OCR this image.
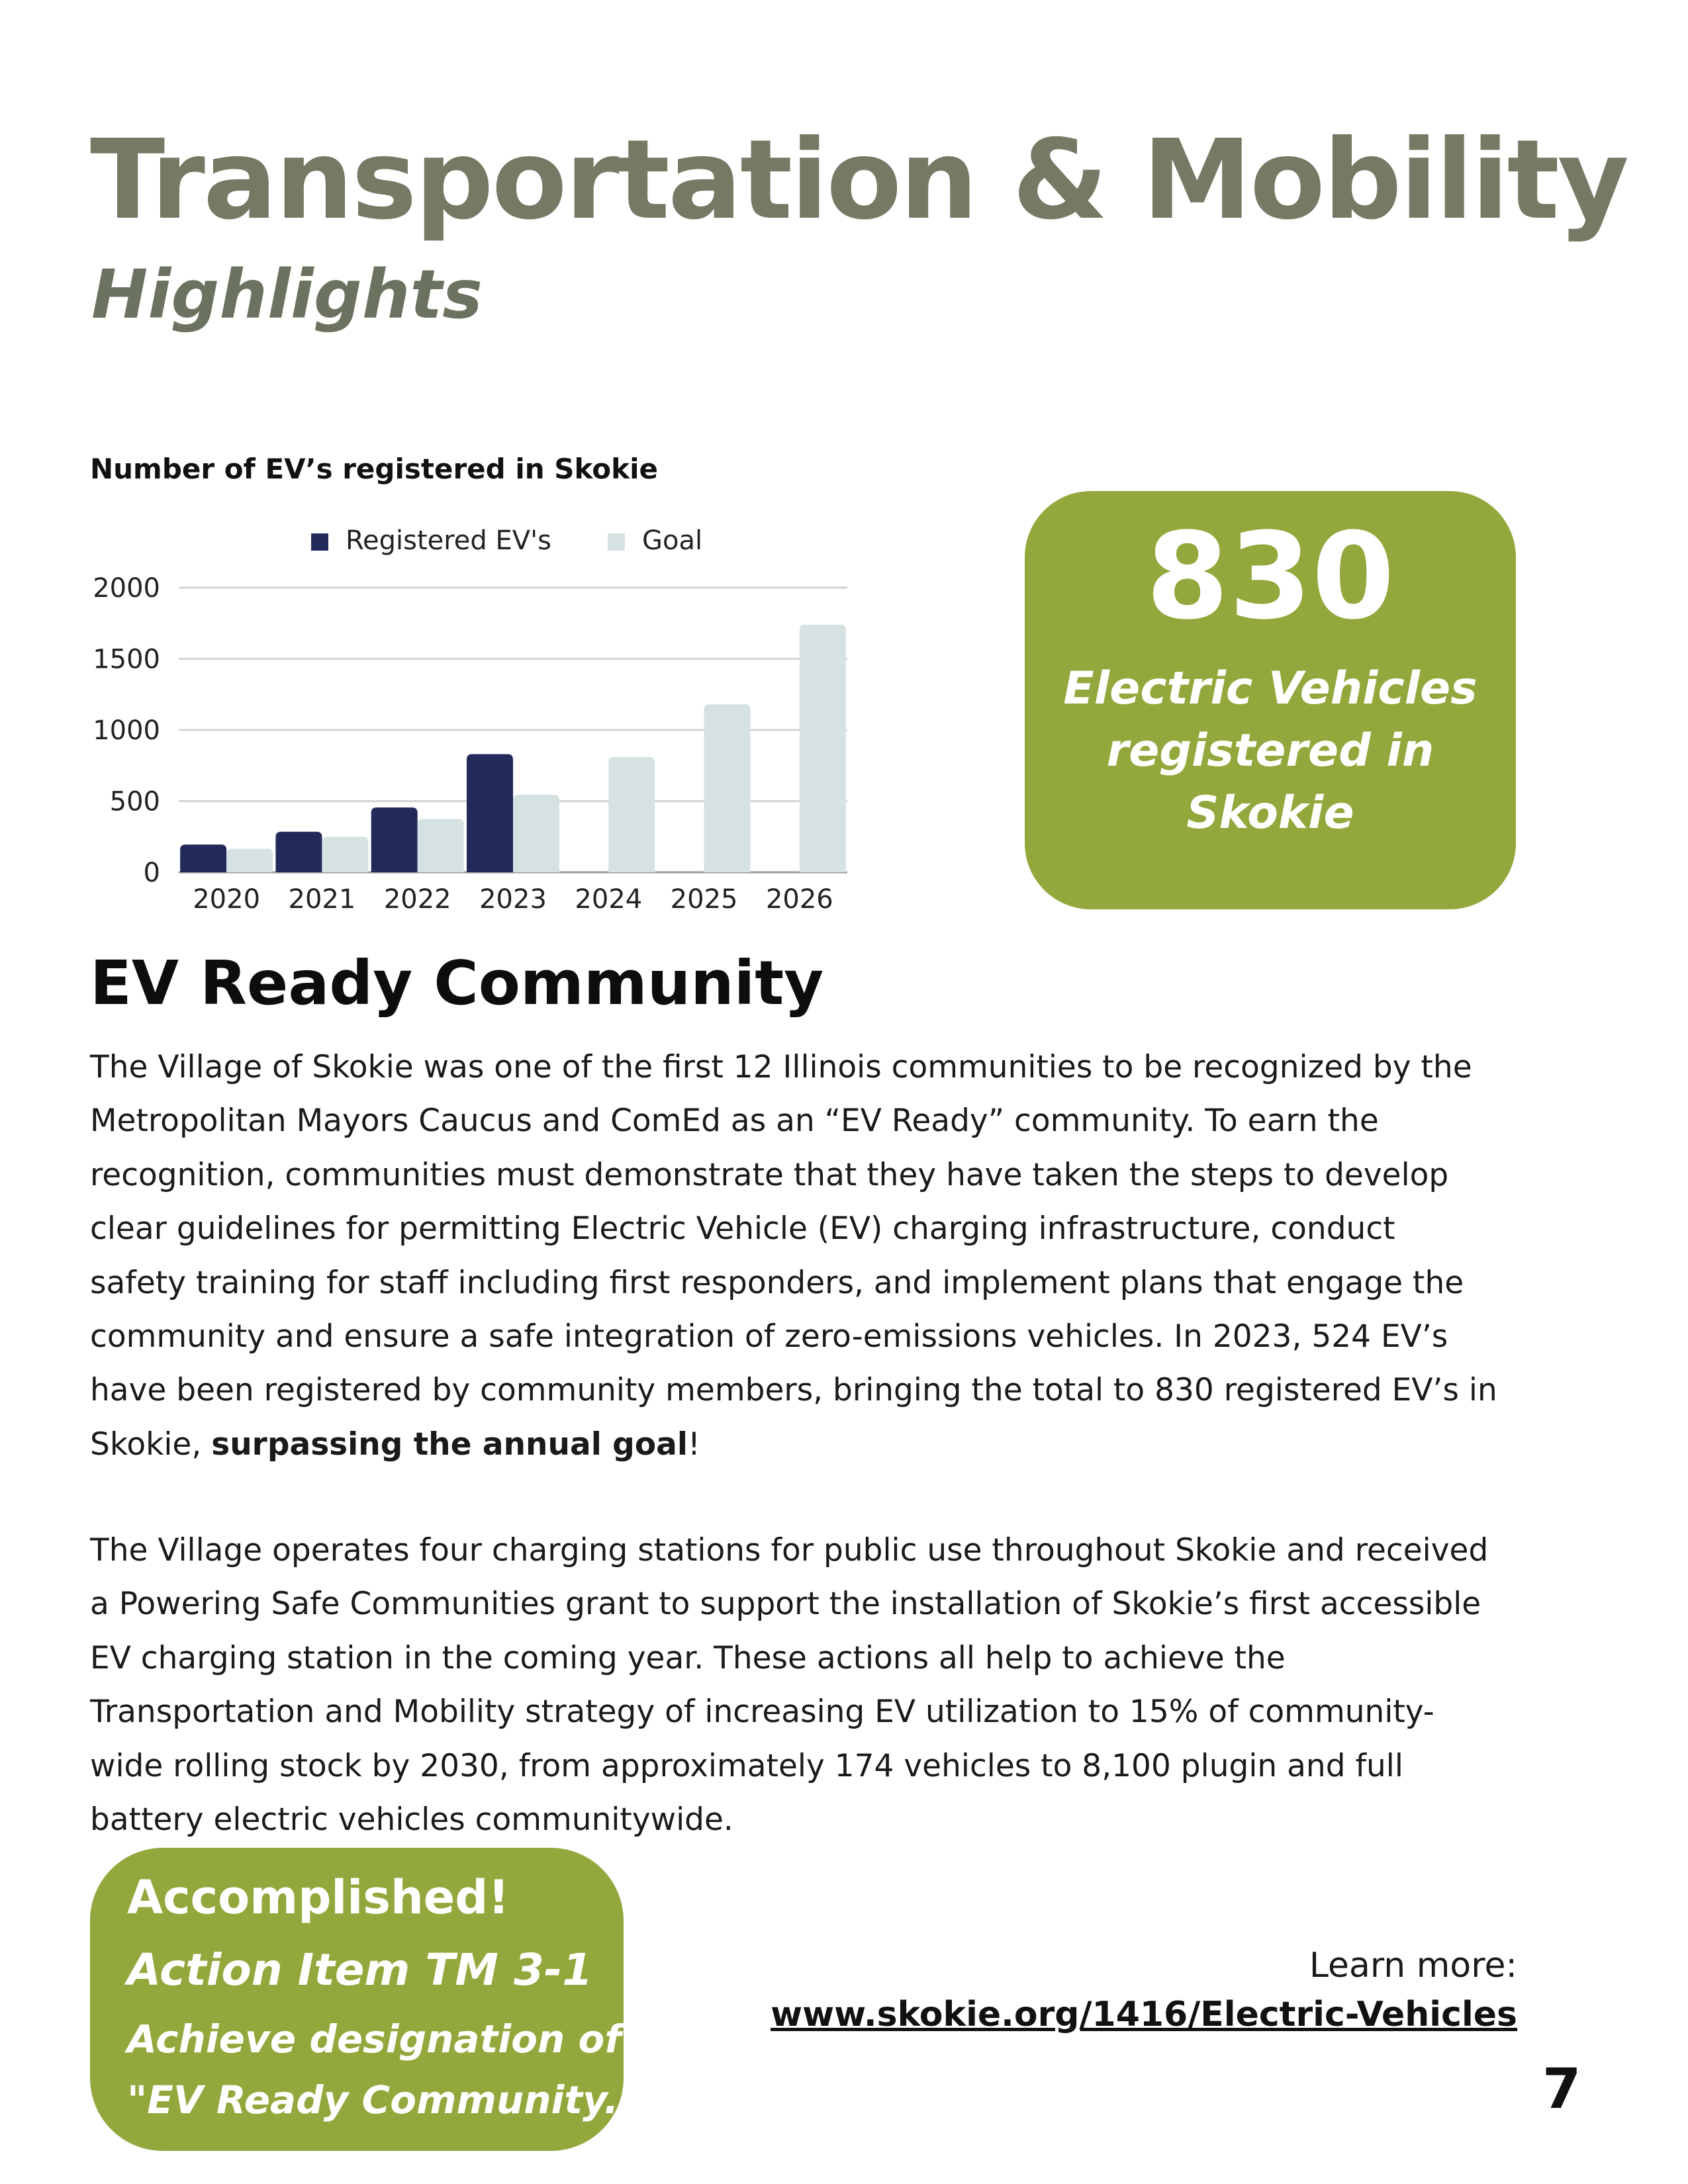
Transportation & Mobility
Highlights
Number of EV’s registered in Skokie
0
500
1000
1500
2000
2020 2021 2022 2023 2024 2025 2026
Registered EV's	Goal	830
Electric Vehicles
registered in
Skokie
EV Ready Community
The Village of Skokie was one of the first 12 Illinois communities to be recognized by the
Metropolitan Mayors Caucus and ComEd as an “EV Ready” community. To earn the
recognition, communities must demonstrate that they have taken the steps to develop
clear guidelines for permitting Electric Vehicle (EV) charging infrastructure, conduct
safety training for staff including first responders, and implement plans that engage the
community and ensure a safe integration of zero-emissions vehicles. In 2023, 524 EV’s
have been registered by community members, bringing the total to 830 registered EV’s in
Skokie, surpassing the annual goal!
The Village operates four charging stations for public use throughout Skokie and received
a Powering Safe Communities grant to support the installation of Skokie’s first accessible
EV charging station in the coming year. These actions all help to achieve the
Transportation and Mobility strategy of increasing EV utilization to 15% of community-
wide rolling stock by 2030, from approximately 174 vehicles to 8,100 plugin and full
battery electric vehicles communitywide.
Accomplished!
Action Item TM 3-1
Achieve designation of
"EV Ready Community.”
Learn more:
www.skokie.org/1416/Electric-Vehicles
7
